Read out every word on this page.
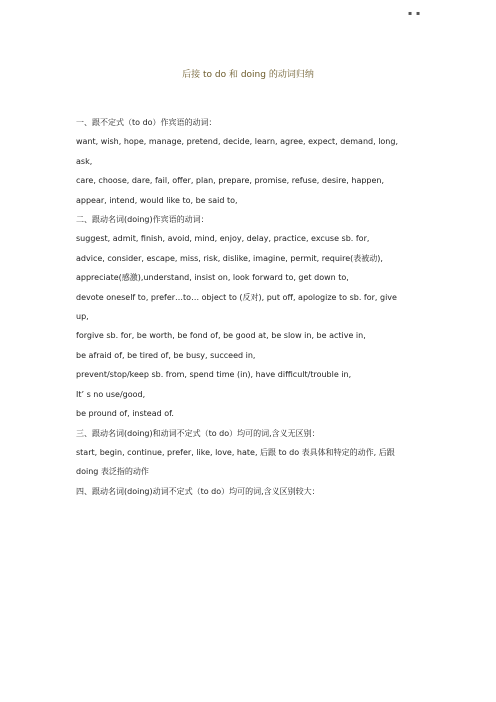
▪ ▪
后接 to do 和 doing 的动词归纳
一、跟不定式（to do）作宾语的动词：
want, wish, hope, manage, pretend, decide, learn, agree, expect, demand, long,
ask,
care, choose, dare, fail, offer, plan, prepare, promise, refuse, desire, happen,
appear, intend, would like to, be said to,
二、跟动名词(doing)作宾语的动词：
suggest, admit, finish, avoid, mind, enjoy, delay, practice, excuse sb. for,
advice, consider, escape, miss, risk, dislike, imagine, permit, require(表被动),
appreciate(感激),understand, insist on, look forward to, get down to,
devote oneself to, prefer…to… object to (反对), put off, apologize to sb. for, give
up,
forgive sb. for, be worth, be fond of, be good at, be slow in, be active in,
be afraid of, be tired of, be busy, succeed in,
prevent/stop/keep sb. from, spend time (in), have difficult/trouble in,
It’ s no use/good,
be pround of, instead of.
三、跟动名词(doing)和动词不定式（to do）均可的词,含义无区别：
start, begin, continue, prefer, like, love, hate, 后跟 to do 表具体和特定的动作, 后跟
doing 表泛指的动作
四、跟动名词(doing)动词不定式（to do）均可的词,含义区别较大：
